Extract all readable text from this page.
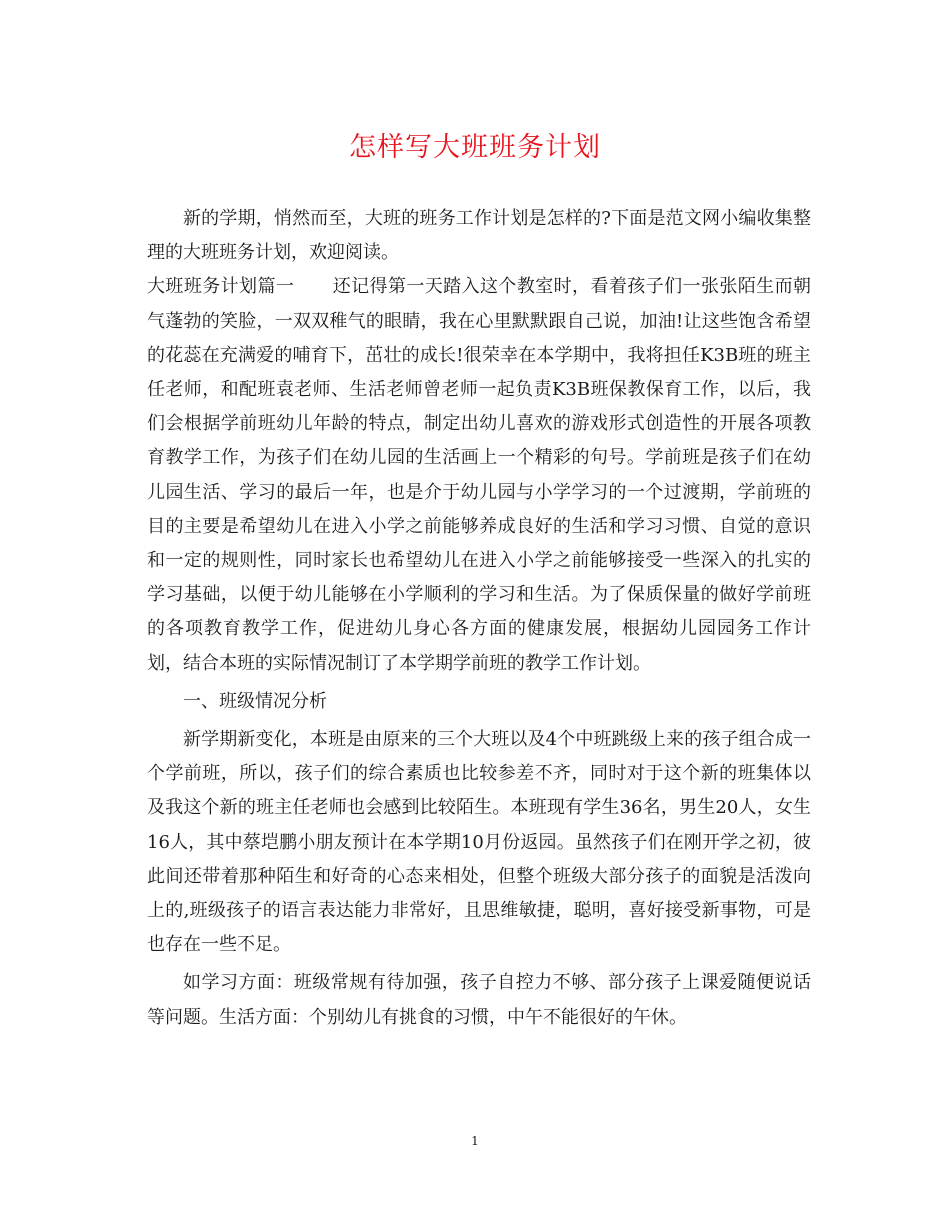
怎样写大班班务计划

新的学期，悄然而至，大班的班务工作计划是怎样的?下面是范文网小编收集整理的大班班务计划，欢迎阅读。

大班班务计划篇一 还记得第一天踏入这个教室时，看着孩子们一张张陌生而朝气蓬勃的笑脸，一双双稚气的眼睛，我在心里默默跟自己说，加油!让这些饱含希望的花蕊在充满爱的哺育下，茁壮的成长!很荣幸在本学期中，我将担任K3B班的班主任老师，和配班袁老师、生活老师曾老师一起负责K3B班保教保育工作，以后，我们会根据学前班幼儿年龄的特点，制定出幼儿喜欢的游戏形式创造性的开展各项教育教学工作，为孩子们在幼儿园的生活画上一个精彩的句号。学前班是孩子们在幼儿园生活、学习的最后一年，也是介于幼儿园与小学学习的一个过渡期，学前班的目的主要是希望幼儿在进入小学之前能够养成良好的生活和学习习惯、自觉的意识和一定的规则性，同时家长也希望幼儿在进入小学之前能够接受一些深入的扎实的学习基础，以便于幼儿能够在小学顺利的学习和生活。为了保质保量的做好学前班的各项教育教学工作，促进幼儿身心各方面的健康发展，根据幼儿园园务工作计划，结合本班的实际情况制订了本学期学前班的教学工作计划。

一、班级情况分析

新学期新变化，本班是由原来的三个大班以及4个中班跳级上来的孩子组合成一个学前班，所以，孩子们的综合素质也比较参差不齐，同时对于这个新的班集体以及我这个新的班主任老师也会感到比较陌生。本班现有学生36名，男生20人，女生16人，其中蔡垲鹏小朋友预计在本学期10月份返园。虽然孩子们在刚开学之初，彼此间还带着那种陌生和好奇的心态来相处，但整个班级大部分孩子的面貌是活泼向上的,班级孩子的语言表达能力非常好，且思维敏捷，聪明，喜好接受新事物，可是也存在一些不足。

如学习方面：班级常规有待加强，孩子自控力不够、部分孩子上课爱随便说话等问题。生活方面：个别幼儿有挑食的习惯，中午不能很好的午休。

1
